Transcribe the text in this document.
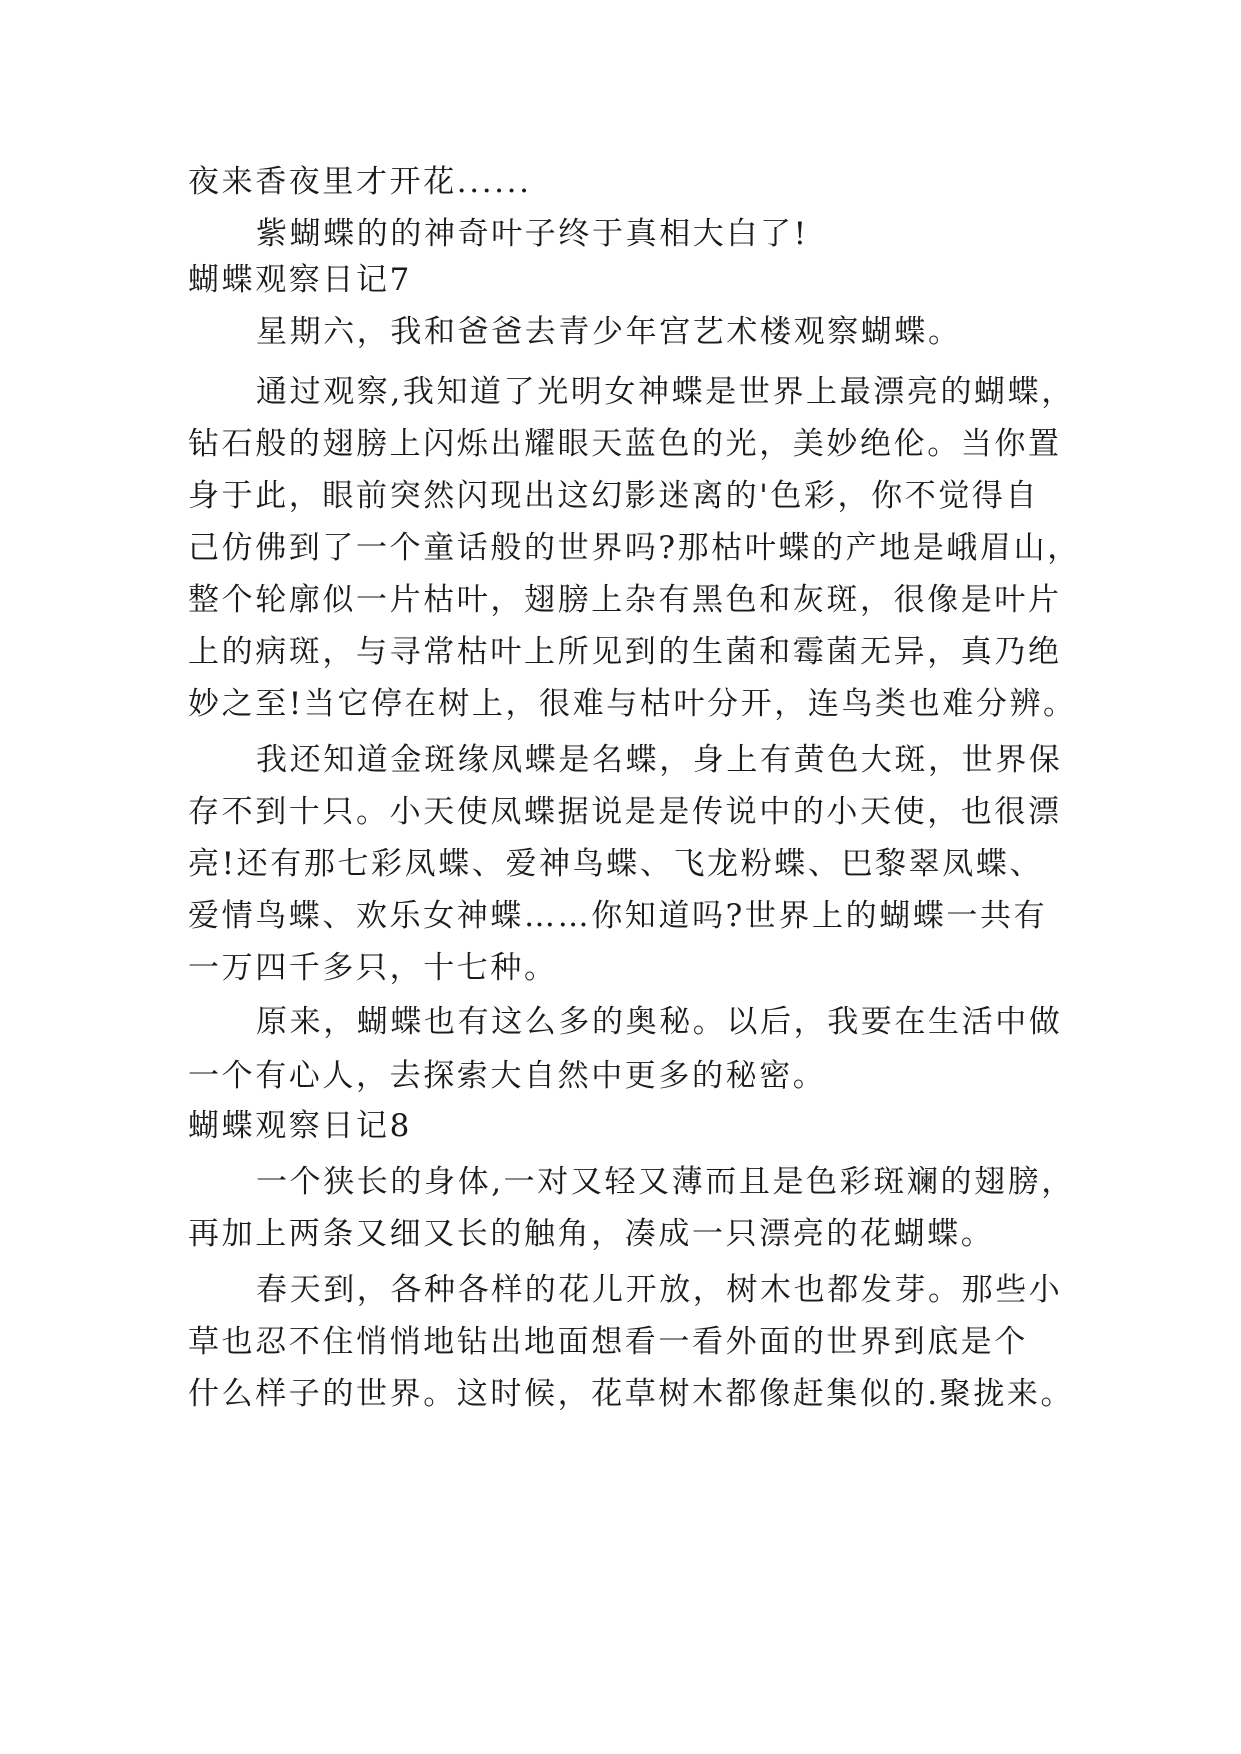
夜来香夜里才开花......
紫蝴蝶的的神奇叶子终于真相大白了!
蝴蝶观察日记7
星期六，我和爸爸去青少年宫艺术楼观察蝴蝶。
通过观察,我知道了光明女神蝶是世界上最漂亮的蝴蝶，
钻石般的翅膀上闪烁出耀眼天蓝色的光，美妙绝伦。当你置
身于此，眼前突然闪现出这幻影迷离的'色彩，你不觉得自
己仿佛到了一个童话般的世界吗?那枯叶蝶的产地是峨眉山，
整个轮廓似一片枯叶，翅膀上杂有黑色和灰斑，很像是叶片
上的病斑，与寻常枯叶上所见到的生菌和霉菌无异，真乃绝
妙之至!当它停在树上，很难与枯叶分开，连鸟类也难分辨。
我还知道金斑缘凤蝶是名蝶，身上有黄色大斑，世界保
存不到十只。小天使凤蝶据说是是传说中的小天使，也很漂
亮!还有那七彩凤蝶、爱神鸟蝶、飞龙粉蝶、巴黎翠凤蝶、
爱情鸟蝶、欢乐女神蝶……你知道吗?世界上的蝴蝶一共有
一万四千多只，十七种。
原来，蝴蝶也有这么多的奥秘。以后，我要在生活中做
一个有心人，去探索大自然中更多的秘密。
蝴蝶观察日记8
一个狭长的身体,一对又轻又薄而且是色彩斑斓的翅膀，
再加上两条又细又长的触角，凑成一只漂亮的花蝴蝶。
春天到，各种各样的花儿开放，树木也都发芽。那些小
草也忍不住悄悄地钻出地面想看一看外面的世界到底是个
什么样子的世界。这时候，花草树木都像赶集似的.聚拢来。
